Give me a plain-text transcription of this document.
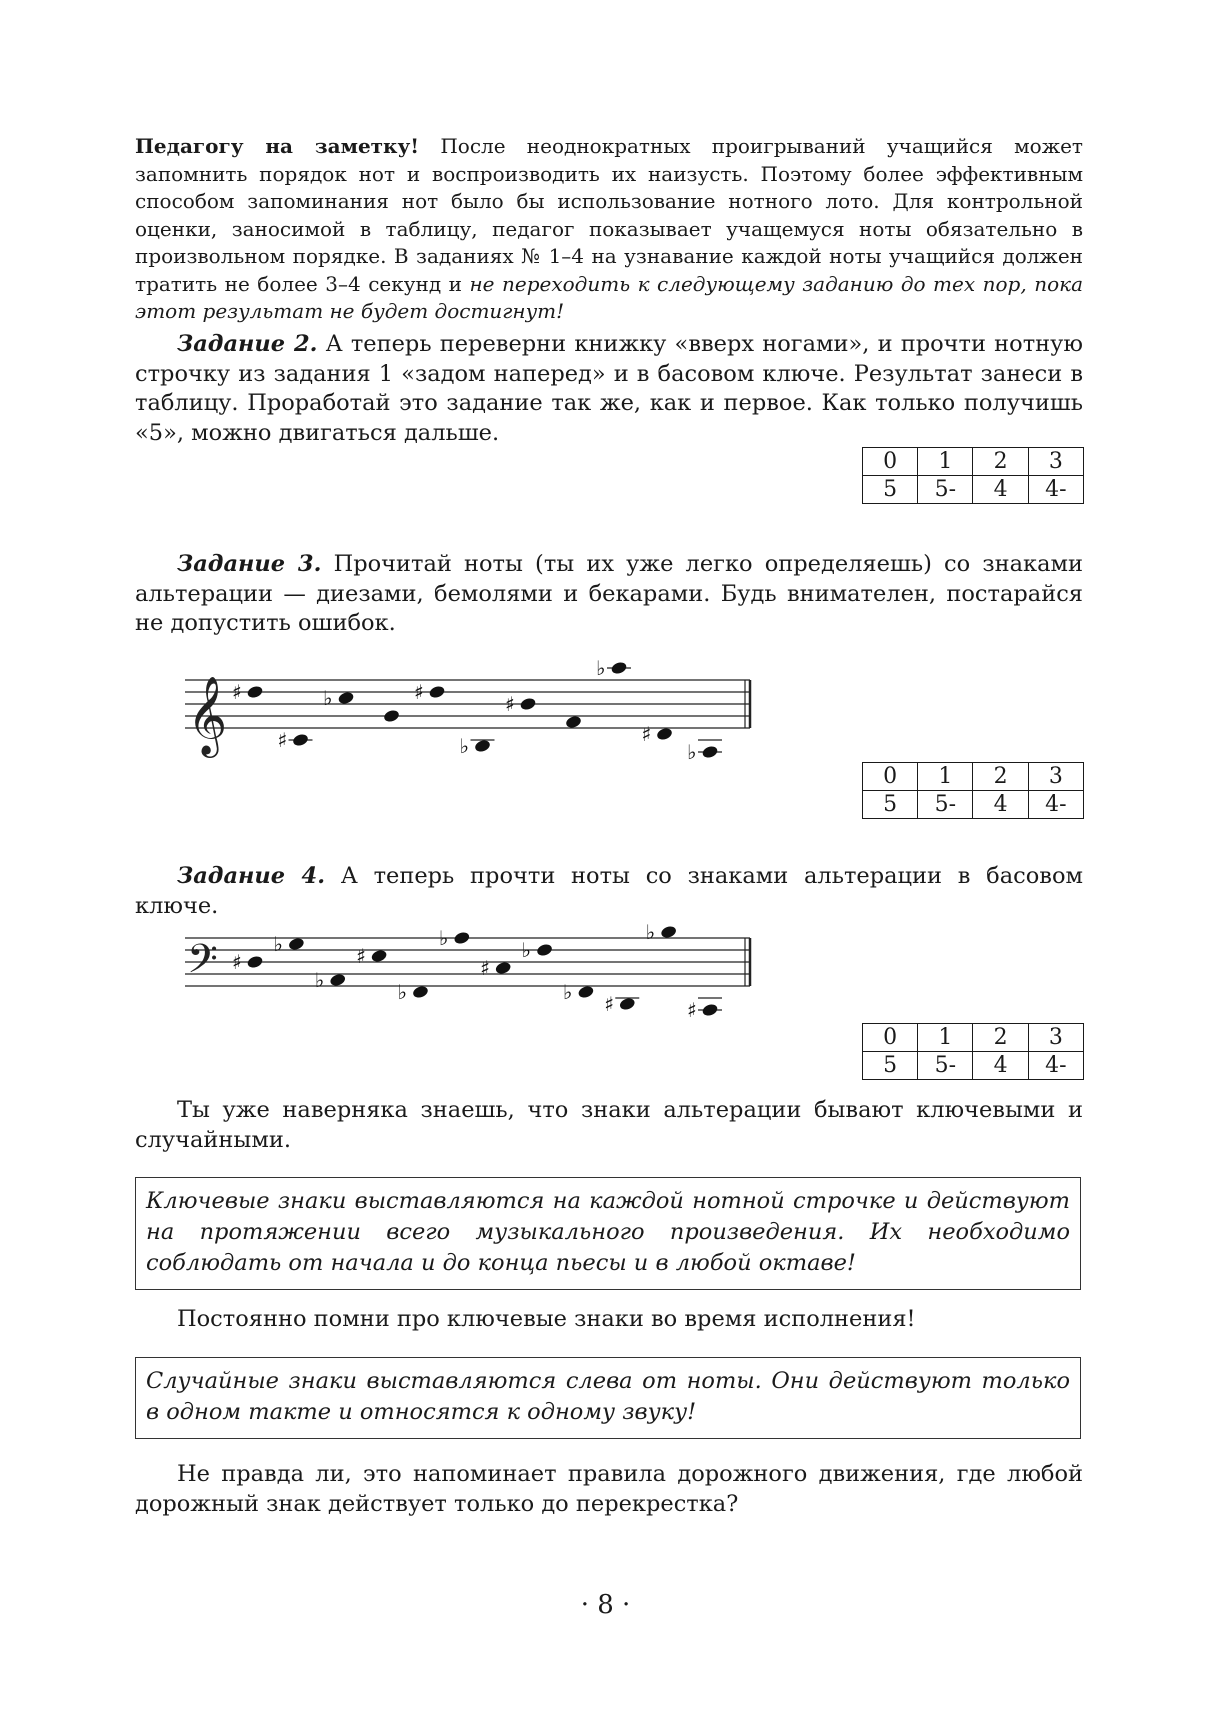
Педагогу на заметку! После неоднократных проигрываний учащийся может запомнить порядок нот и воспроизводить их наизусть. Поэтому более эффективным способом запоминания нот было бы использование нотного лото. Для контрольной оценки, заносимой в таблицу, педагог показывает учащемуся ноты обязательно в произвольном порядке. В заданиях № 1–4 на узнавание каждой ноты учащийся должен тратить не более 3–4 секунд и не переходить к следующему заданию до тех пор, пока этот результат не будет достигнут!

Задание 2. А теперь переверни книжку «вверх ногами», и прочти нотную строчку из задания 1 «задом наперед» и в басовом ключе. Результат занеси в таблицу. Проработай это задание так же, как и первое. Как только получишь «5», можно двигаться дальше.

0	1	2	3
5	5-	4	4-

Задание 3. Прочитай ноты (ты их уже легко определяешь) со знаками альтерации — диезами, бемолями и бекарами. Будь внимателен, постарайся не допустить ошибок.

𝄞 ♯
♯
♭	♯
♭
♯
♭
♯
♭
0	1	2	3
5	5-	4	4-

Задание 4. А теперь прочти ноты со знаками альтерации в басовом ключе.

𝄢 ♯
♭
♭
♯
♭
♭
♯
♭
♭ ♯
♭
♯
0	1	2	3
5	5-	4	4-

Ты уже наверняка знаешь, что знаки альтерации бывают ключевыми и случайными.

Ключевые знаки выставляются на каждой нотной строчке и действуют на протяжении всего музыкального произведения. Их необходимо соблюдать от начала и до конца пьесы и в любой октаве!

Постоянно помни про ключевые знаки во время исполнения!

Случайные знаки выставляются слева от ноты. Они действуют только в одном такте и относятся к одному звуку!

Не правда ли, это напоминает правила дорожного движения, где любой дорожный знак действует только до перекрестка?

· 8 ·
